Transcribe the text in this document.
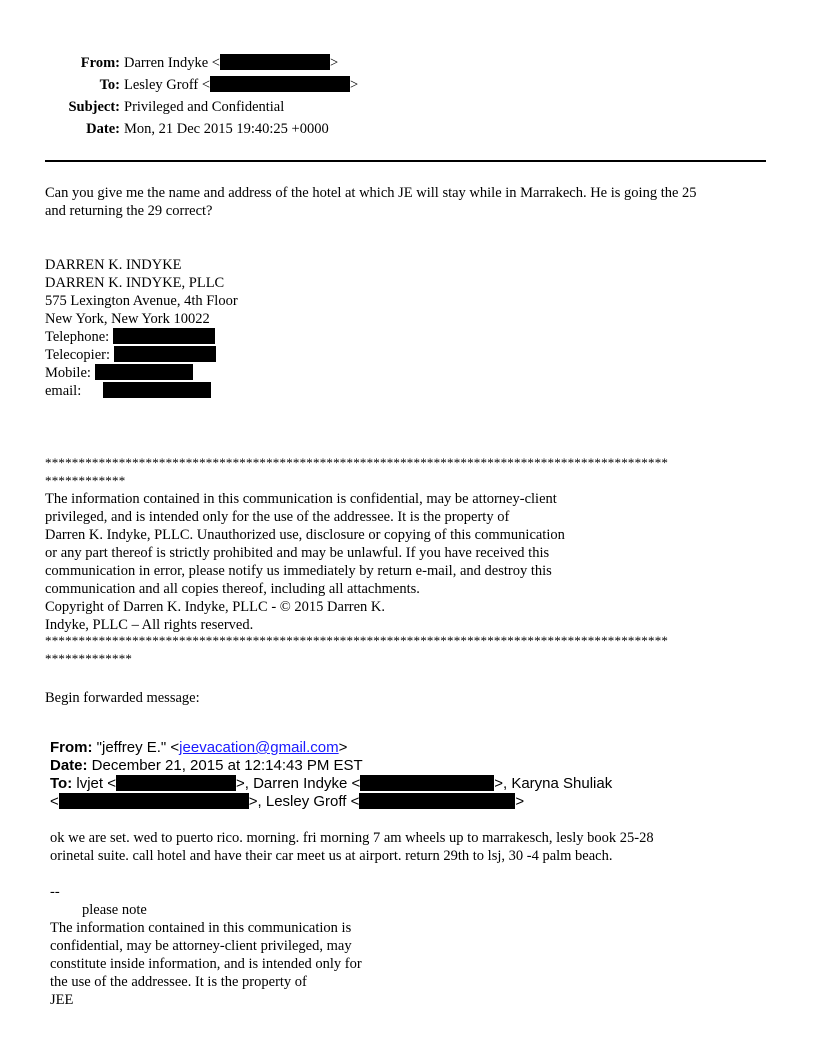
From: Darren Indyke <	>
To: Lesley Groff <	>
Subject: Privileged and Confidential
Date: Mon, 21 Dec 2015 19:40:25 +0000
Can you give me the name and address of the hotel at which JE will stay while in Marrakech. He is going the 25
and returning the 29 correct?
DARREN K. INDYKE
DARREN K. INDYKE, PLLC
575 Lexington Avenue, 4th Floor
New York, New York 10022
Telephone:
Telecopier:
Mobile:
email:
*********************************************************************************************
************
The information contained in this communication is confidential, may be attorney-client
privileged, and is intended only for the use of the addressee. It is the property of
Darren K. Indyke, PLLC. Unauthorized use, disclosure or copying of this communication
or any part thereof is strictly prohibited and may be unlawful. If you have received this
communication in error, please notify us immediately by return e-mail, and destroy this
communication and all copies thereof, including all attachments.
Copyright of Darren K. Indyke, PLLC - © 2015 Darren K.
Indyke, PLLC – All rights reserved.
*********************************************************************************************
*************
Begin forwarded message:
From: "jeffrey E." <jeevacation@gmail.com>
Date: December 21, 2015 at 12:14:43 PM EST
To: lvjet <	>, Darren Indyke <	>, Karyna Shuliak
<	>, Lesley Groff <	>
ok we are set. wed to puerto rico. morning. fri morning 7 am wheels up to marrakesch, lesly book 25-28
orinetal suite. call hotel and have their car meet us at airport. return 29th to lsj, 30 -4 palm beach.
--
please note
The information contained in this communication is
confidential, may be attorney-client privileged, may
constitute inside information, and is intended only for
the use of the addressee. It is the property of
JEE
